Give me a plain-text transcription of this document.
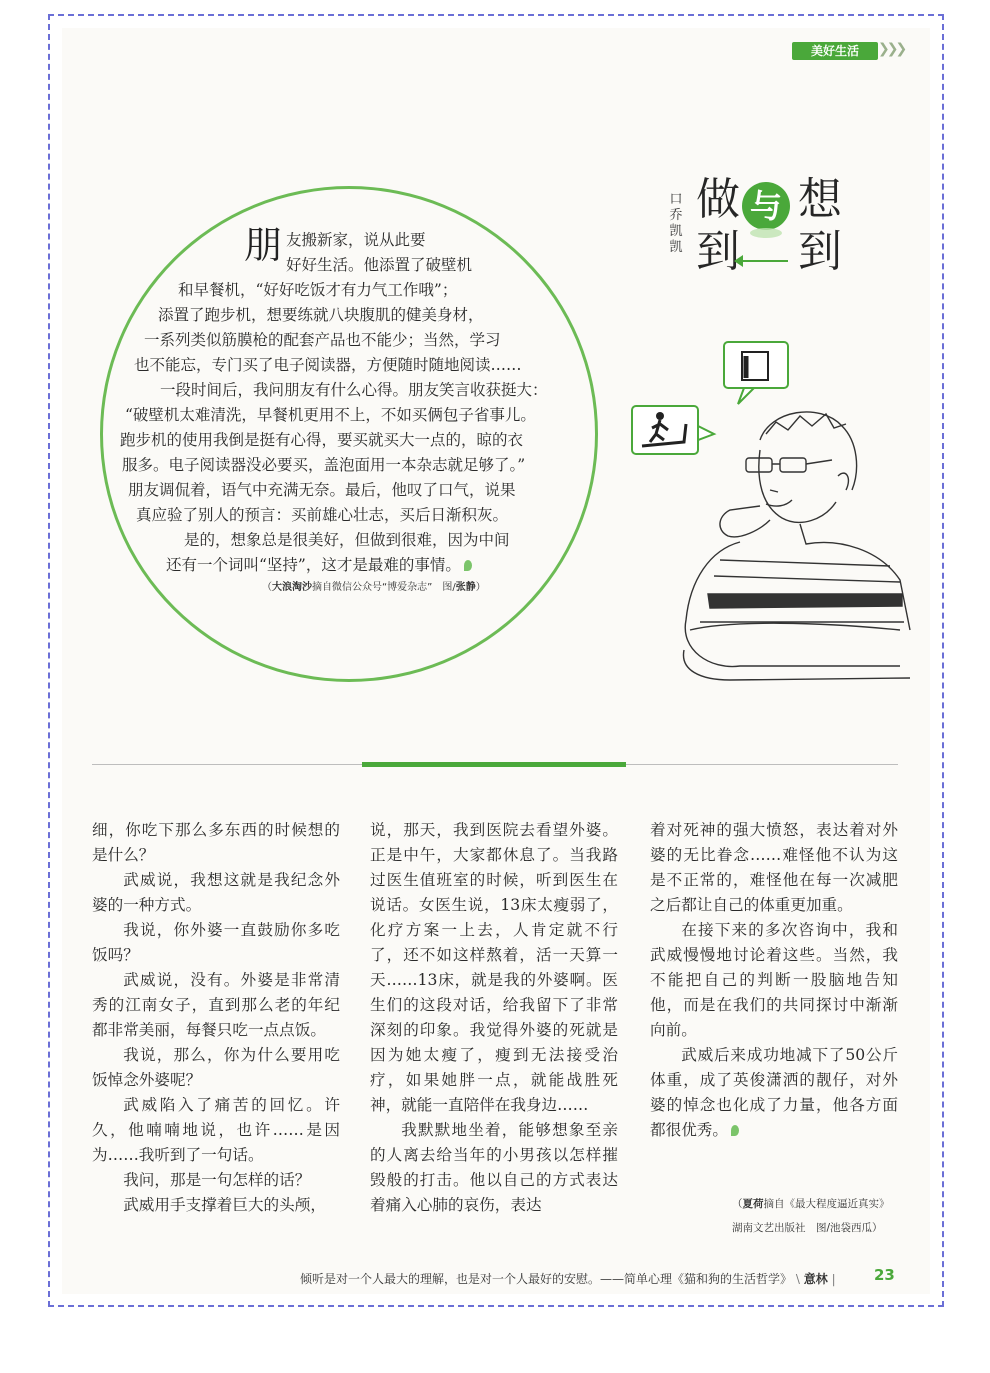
美好生活	❯❯❯
做
到
与 想
到
口
乔
凯
凯
朋 友搬新家，说从此要
好好生活。他添置了破壁机
和早餐机，“好好吃饭才有力气工作哦”；
添置了跑步机，想要练就八块腹肌的健美身材，
一系列类似筋膜枪的配套产品也不能少；当然，学习
也不能忘，专门买了电子阅读器，方便随时随地阅读……
一段时间后，我问朋友有什么心得。朋友笑言收获挺大：
“破壁机太难清洗，早餐机更用不上，不如买俩包子省事儿。
跑步机的使用我倒是挺有心得，要买就买大一点的，晾的衣
服多。电子阅读器没必要买，盖泡面用一本杂志就足够了。”
朋友调侃着，语气中充满无奈。最后，他叹了口气，说果
真应验了别人的预言：买前雄心壮志，买后日渐积灰。
是的，想象总是很美好，但做到很难，因为中间
还有一个词叫“坚持”，这才是最难的事情。
（大浪淘沙摘自微信公众号“博爱杂志”　图/张静）

细，你吃下那么多东西的时候想的是什么？

武威说，我想这就是我纪念外婆的一种方式。

我说，你外婆一直鼓励你多吃饭吗？

武威说，没有。外婆是非常清秀的江南女子，直到那么老的年纪都非常美丽，每餐只吃一点点饭。

我说，那么，你为什么要用吃饭悼念外婆呢？

武威陷入了痛苦的回忆。许久，他喃喃地说，也许……是因为……我听到了一句话。

我问，那是一句怎样的话？

武威用手支撑着巨大的头颅，

说，那天，我到医院去看望外婆。正是中午，大家都休息了。当我路过医生值班室的时候，听到医生在说话。女医生说，13床太瘦弱了，化疗方案一上去，人肯定就不行了，还不如这样熬着，活一天算一天……13床，就是我的外婆啊。医生们的这段对话，给我留下了非常深刻的印象。我觉得外婆的死就是因为她太瘦了，瘦到无法接受治疗，如果她胖一点，就能战胜死神，就能一直陪伴在我身边……

我默默地坐着，能够想象至亲的人离去给当年的小男孩以怎样摧毁般的打击。他以自己的方式表达着痛入心肺的哀伤，表达

着对死神的强大愤怒，表达着对外婆的无比眷念……难怪他不认为这是不正常的，难怪他在每一次减肥之后都让自己的体重更加重。

在接下来的多次咨询中，我和武威慢慢地讨论着这些。当然，我不能把自己的判断一股脑地告知他，而是在我们的共同探讨中渐渐向前。

武威后来成功地减下了50公斤体重，成了英俊潇洒的靓仔，对外婆的悼念也化成了力量，他各方面都很优秀。

（夏荷摘自《最大程度逼近真实》
湖南文艺出版社　图/池袋西瓜）
倾听是对一个人最大的理解，也是对一个人最好的安慰。——简单心理《猫和狗的生活哲学》 \ 意林 |	23
